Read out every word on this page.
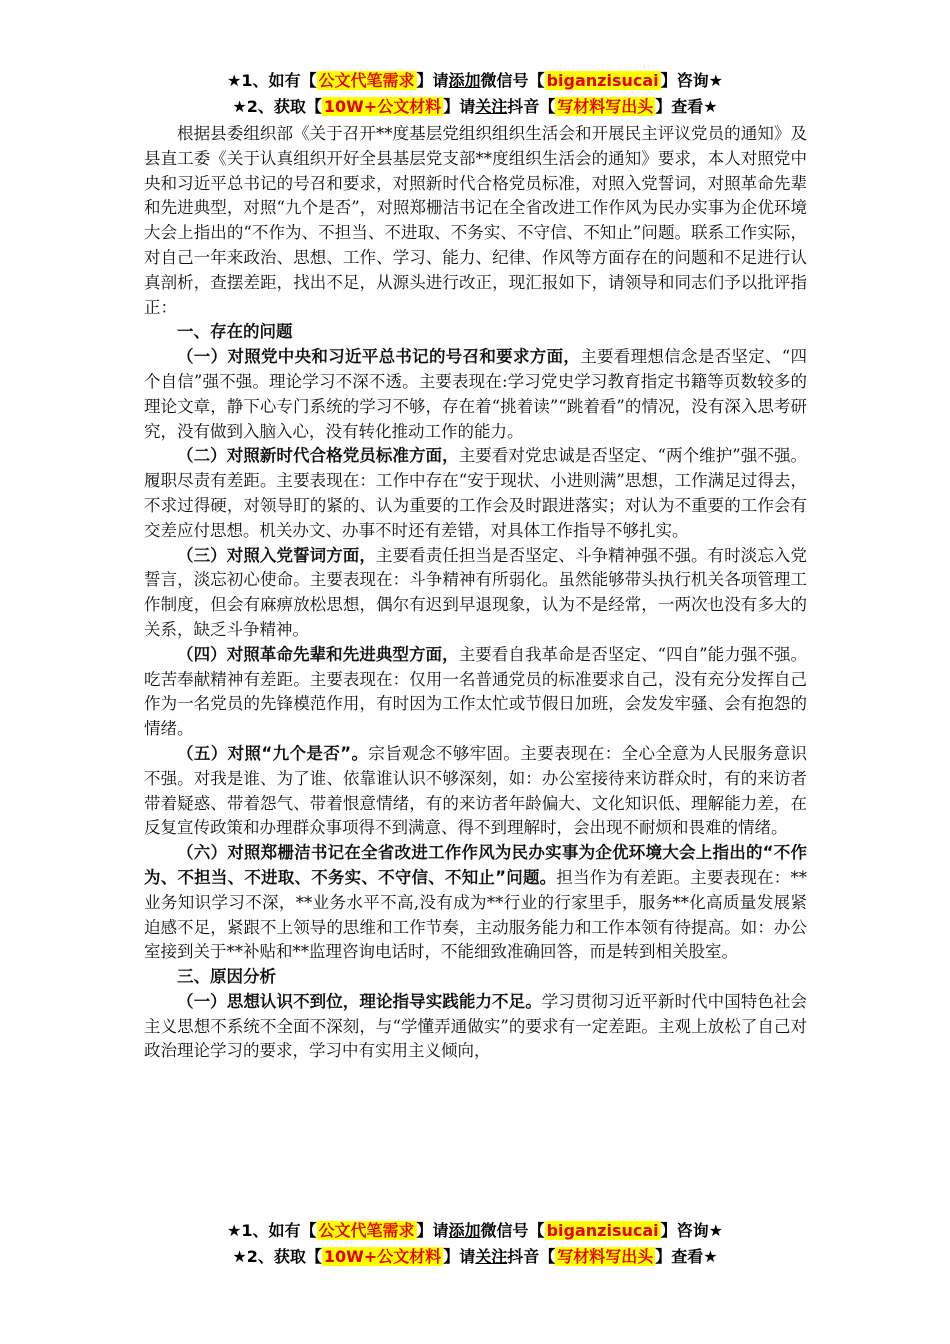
★1、如有【 公文代笔需求 】请添加微信号【 biganzisucai 】咨询★
★2、获取【 10W+公文材料 】请关注抖音【 写材料写出头 】查看★

根据县委组织部《关于召开**度基层党组织组织生活会和开展民主评议党员的通知》及县直工委《关于认真组织开好全县基层党支部**度组织生活会的通知》要求，本人对照党中央和习近平总书记的号召和要求，对照新时代合格党员标准，对照入党誓词，对照革命先辈和先进典型，对照“九个是否”，对照郑栅洁书记在全省改进工作作风为民办实事为企优环境大会上指出的“不作为、不担当、不进取、不务实、不守信、不知止”问题。联系工作实际，对自己一年来政治、思想、工作、学习、能力、纪律、作风等方面存在的问题和不足进行认真剖析，查摆差距，找出不足，从源头进行改正，现汇报如下，请领导和同志们予以批评指正：

一、存在的问题

（一）对照党中央和习近平总书记的号召和要求方面，主要看理想信念是否坚定、“四个自信”强不强。理论学习不深不透。主要表现在:学习党史学习教育指定书籍等页数较多的理论文章，静下心专门系统的学习不够，存在着“挑着读”“跳着看”的情况，没有深入思考研究，没有做到入脑入心，没有转化推动工作的能力。

（二）对照新时代合格党员标准方面，主要看对党忠诚是否坚定、“两个维护”强不强。履职尽责有差距。主要表现在：工作中存在“安于现状、小进则满”思想，工作满足过得去，不求过得硬，对领导盯的紧的、认为重要的工作会及时跟进落实；对认为不重要的工作会有交差应付思想。机关办文、办事不时还有差错，对具体工作指导不够扎实。

（三）对照入党誓词方面，主要看责任担当是否坚定、斗争精神强不强。有时淡忘入党誓言，淡忘初心使命。主要表现在：斗争精神有所弱化。虽然能够带头执行机关各项管理工作制度，但会有麻痹放松思想，偶尔有迟到早退现象，认为不是经常，一两次也没有多大的关系，缺乏斗争精神。

（四）对照革命先辈和先进典型方面，主要看自我革命是否坚定、“四自”能力强不强。吃苦奉献精神有差距。主要表现在：仅用一名普通党员的标准要求自己，没有充分发挥自己作为一名党员的先锋模范作用，有时因为工作太忙或节假日加班，会发发牢骚、会有抱怨的情绪。

（五）对照“九个是否”。宗旨观念不够牢固。主要表现在：全心全意为人民服务意识不强。对我是谁、为了谁、依靠谁认识不够深刻，如：办公室接待来访群众时，有的来访者带着疑惑、带着怨气、带着恨意情绪，有的来访者年龄偏大、文化知识低、理解能力差，在反复宣传政策和办理群众事项得不到满意、得不到理解时，会出现不耐烦和畏难的情绪。

（六）对照郑栅洁书记在全省改进工作作风为民办实事为企优环境大会上指出的“不作为、不担当、不进取、不务实、不守信、不知止”问题。担当作为有差距。主要表现在：**业务知识学习不深，**业务水平不高,没有成为**行业的行家里手，服务**化高质量发展紧迫感不足，紧跟不上领导的思维和工作节奏，主动服务能力和工作本领有待提高。如：办公室接到关于**补贴和**监理咨询电话时，不能细致准确回答，而是转到相关股室。

三、原因分析

（一）思想认识不到位，理论指导实践能力不足。学习贯彻习近平新时代中国特色社会主义思想不系统不全面不深刻，与“学懂弄通做实”的要求有一定差距。主观上放松了自己对政治理论学习的要求，学习中有实用主义倾向，

★1、如有【 公文代笔需求 】请添加微信号【 biganzisucai 】咨询★
★2、获取【 10W+公文材料 】请关注抖音【 写材料写出头 】查看★
